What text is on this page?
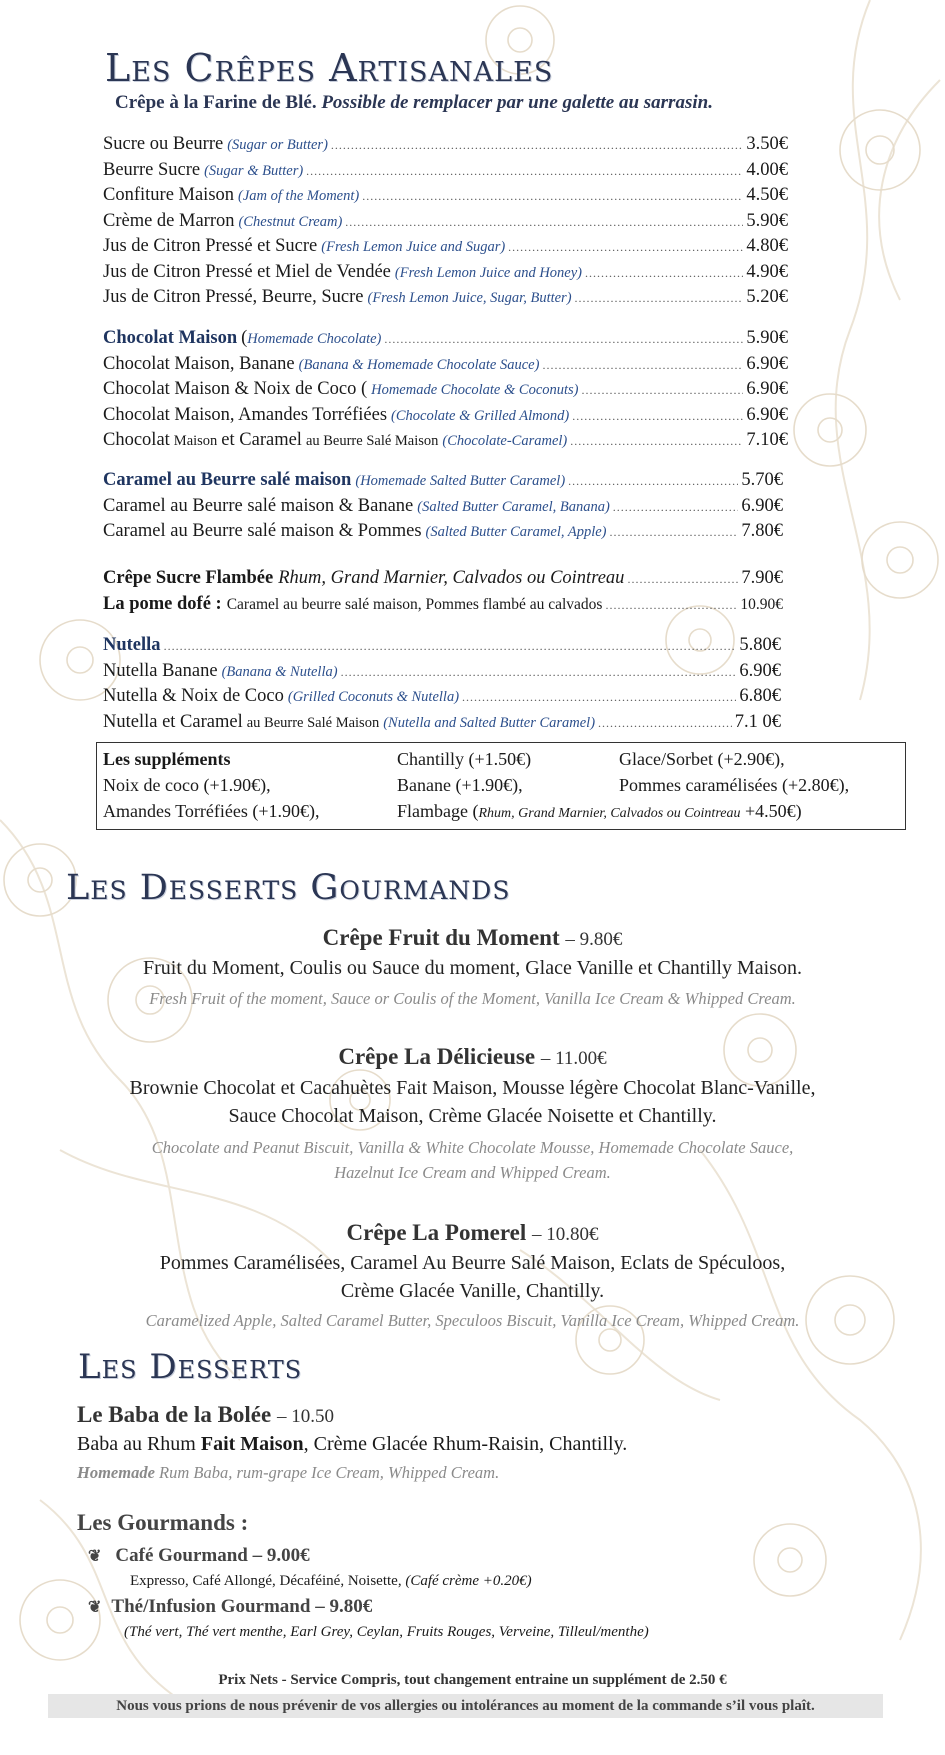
Les Crêpes Artisanales
Crêpe à la Farine de Blé. Possible de remplacer par une galette au sarrasin.
Sucre ou Beurre (Sugar or Butter) .....	3.50€
Beurre Sucre (Sugar & Butter) .....	4.00€
Confiture Maison (Jam of the Moment) .....	4.50€
Crème de Marron (Chestnut Cream) .....	5.90€
Jus de Citron Pressé et Sucre (Fresh Lemon Juice and Sugar) .....	4.80€
Jus de Citron Pressé et Miel de Vendée (Fresh Lemon Juice and Honey) .....	4.90€
Jus de Citron Pressé, Beurre, Sucre (Fresh Lemon Juice, Sugar, Butter) .....	5.20€
Chocolat Maison ( Homemade Chocolate) .....	5.90€
Chocolat Maison, Banane (Banana & Homemade Chocolate Sauce) .....	6.90€
Chocolat Maison & Noix de Coco ( Homemade Chocolate & Coconuts) .....	6.90€
Chocolat Maison, Amandes Torréfiées (Chocolate & Grilled Almond) .....	6.90€
Chocolat Maison et Caramel au Beurre Salé Maison (Chocolate-Caramel) .....	7.10€
Caramel au Beurre salé maison (Homemade Salted Butter Caramel) .....	5.70€
Caramel au Beurre salé maison & Banane (Salted Butter Caramel, Banana) .....	6.90€
Caramel au Beurre salé maison & Pommes (Salted Butter Caramel, Apple) .....	7.80€
Crêpe Sucre Flambée Rhum, Grand Marnier, Calvados ou Cointreau .....	7.90€
La pome dofé : Caramel au beurre salé maison, Pommes flambé au calvados .....	10.90€
Nutella .....	5.80€
Nutella Banane (Banana & Nutella) .....	6.90€
Nutella & Noix de Coco (Grilled Coconuts & Nutella) .....	6.80€
Nutella et Caramel au Beurre Salé Maison (Nutella and Salted Butter Caramel) .....	7.1 0€
Les suppléments	Chantilly (+1.50€)	Glace/Sorbet (+2.90€),
Noix de coco (+1.90€),	Banane (+1.90€),	Pommes caramélisées (+2.80€),
Amandes Torréfiées (+1.90€),	Flambage (Rhum, Grand Marnier, Calvados ou Cointreau +4.50€)
Les Desserts Gourmands
Crêpe Fruit du Moment – 9.80€
Fruit du Moment, Coulis ou Sauce du moment, Glace Vanille et Chantilly Maison.
Fresh Fruit of the moment, Sauce or Coulis of the Moment, Vanilla Ice Cream & Whipped Cream.
Crêpe La Délicieuse – 11.00€
Brownie Chocolat et Cacahuètes Fait Maison, Mousse légère Chocolat Blanc-Vanille,
Sauce Chocolat Maison, Crème Glacée Noisette et Chantilly.
Chocolate and Peanut Biscuit, Vanilla & White Chocolate Mousse, Homemade Chocolate Sauce,
Hazelnut Ice Cream and Whipped Cream.
Crêpe La Pomerel – 10.80€
Pommes Caramélisées, Caramel Au Beurre Salé Maison, Eclats de Spéculoos,
Crème Glacée Vanille, Chantilly.
Caramelized Apple, Salted Caramel Butter, Speculoos Biscuit, Vanilla Ice Cream, Whipped Cream.
Les Desserts
Le Baba de la Bolée – 10.50
Baba au Rhum Fait Maison, Crème Glacée Rhum-Raisin, Chantilly.
Homemade Rum Baba, rum-grape Ice Cream, Whipped Cream.
Les Gourmands :
❦ Café Gourmand – 9.00€
Expresso, Café Allongé, Décaféiné, Noisette, (Café crème +0.20€)
❦ Thé/Infusion Gourmand – 9.80€
(Thé vert, Thé vert menthe, Earl Grey, Ceylan, Fruits Rouges, Verveine, Tilleul/menthe)
Prix Nets - Service Compris, tout changement entraine un supplément de 2.50 €
Nous vous prions de nous prévenir de vos allergies ou intolérances au moment de la commande s’il vous plaît.
